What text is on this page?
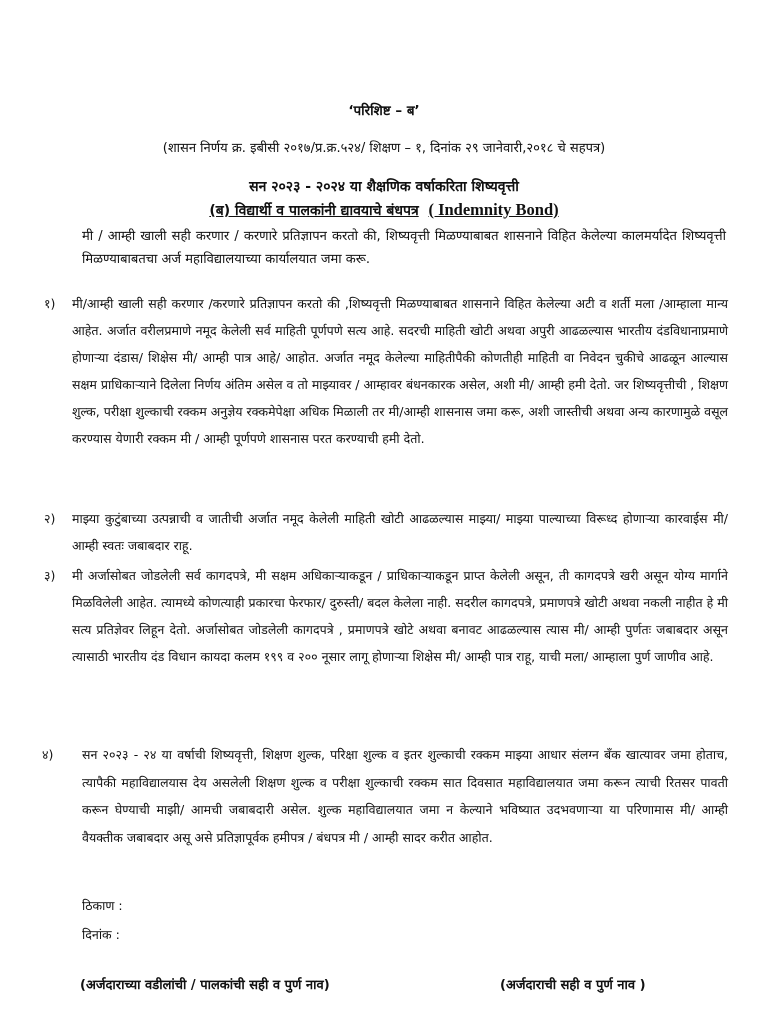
‘परिशिष्ट – ब’
(शासन निर्णय क्र. इबीसी २०१७/प्र.क्र.५२४/ शिक्षण – १, दिनांक २९ जानेवारी,२०१८ चे सहपत्र)
सन २०२३ - २०२४ या शैक्षणिक वर्षाकरिता शिष्यवृत्ती
(ब) विद्यार्थी व पालकांनी द्यावयाचे बंधपत्र ( Indemnity Bond)
मी / आम्ही खाली सही करणार / करणारे प्रतिज्ञापन करतो की, शिष्यवृत्ती मिळण्याबाबत शासनाने विहित केलेल्या कालमर्यादेत शिष्यवृत्ती मिळण्याबाबतचा अर्ज महाविद्यालयाच्या कार्यालयात जमा करू.
१)	मी/आम्ही खाली सही करणार /करणारे प्रतिज्ञापन करतो की ,शिष्यवृत्ती मिळण्याबाबत शासनाने विहित केलेल्या अटी व शर्ती मला /आम्हाला मान्य आहेत. अर्जात वरीलप्रमाणे नमूद केलेली सर्व माहिती पूर्णपणे सत्य आहे. सदरची माहिती खोटी अथवा अपुरी आढळल्यास भारतीय दंडविधानाप्रमाणे होणाऱ्या दंडास/ शिक्षेस मी/ आम्ही पात्र आहे/ आहोत. अर्जात नमूद केलेल्या माहितीपैकी कोणतीही माहिती वा निवेदन चुकीचे आढळून आल्यास सक्षम प्राधिकाऱ्याने दिलेला निर्णय अंतिम असेल व तो माझ्यावर / आम्हावर बंधनकारक असेल, अशी मी/ आम्ही हमी देतो. जर शिष्यवृत्तीची , शिक्षण शुल्क, परीक्षा शुल्काची रक्कम अनुज्ञेय रक्कमेपेक्षा अधिक मिळाली तर मी/आम्ही शासनास जमा करू, अशी जास्तीची अथवा अन्य कारणामुळे वसूल करण्यास येणारी रक्कम मी / आम्ही पूर्णपणे शासनास परत करण्याची हमी देतो.
२)	माझ्या कुटुंबाच्या उत्पन्नाची व जातीची अर्जात नमूद केलेली माहिती खोटी आढळल्यास माझ्या/ माझ्या पाल्याच्या विरूध्द होणाऱ्या कारवाईस मी/ आम्ही स्वतः जबाबदार राहू.
३)	मी अर्जासोबत जोडलेली सर्व कागदपत्रे, मी सक्षम अधिकाऱ्याकडून / प्राधिकाऱ्याकडून प्राप्त केलेली असून, ती कागदपत्रे खरी असून योग्य मार्गाने मिळविलेली आहेत. त्यामध्ये कोणत्याही प्रकारचा फेरफार/ दुरुस्ती/ बदल केलेला नाही. सदरील कागदपत्रे, प्रमाणपत्रे खोटी अथवा नकली नाहीत हे मी सत्य प्रतिज्ञेवर लिहून देतो. अर्जासोबत जोडलेली कागदपत्रे , प्रमाणपत्रे खोटे अथवा बनावट आढळल्यास त्यास मी/ आम्ही पुर्णतः जबाबदार असून त्यासाठी भारतीय दंड विधान कायदा कलम १९९ व २०० नूसार लागू होणाऱ्या शिक्षेस मी/ आम्ही पात्र राहू, याची मला/ आम्हाला पुर्ण जाणीव आहे.
४)	सन २०२३ - २४ या वर्षाची शिष्यवृत्ती, शिक्षण शुल्क, परिक्षा शुल्क व इतर शुल्काची रक्कम माझ्या आधार संलग्न बँक खात्यावर जमा होताच, त्यापैकी महाविद्यालयास देय असलेली शिक्षण शुल्क व परीक्षा शुल्काची रक्कम सात दिवसात महाविद्यालयात जमा करून त्याची रितसर पावती करून घेण्याची माझी/ आमची जबाबदारी असेल. शुल्क महाविद्यालयात जमा न केल्याने भविष्यात उदभवणाऱ्या या परिणामास मी/ आम्ही वैयक्तीक जबाबदार असू असे प्रतिज्ञापूर्वक हमीपत्र / बंधपत्र मी / आम्ही सादर करीत आहोत.
ठिकाण :
दिनांक :
(अर्जदाराच्या वडीलांची / पालकांची सही व पुर्ण नाव)	(अर्जदाराची सही व पुर्ण नाव )
